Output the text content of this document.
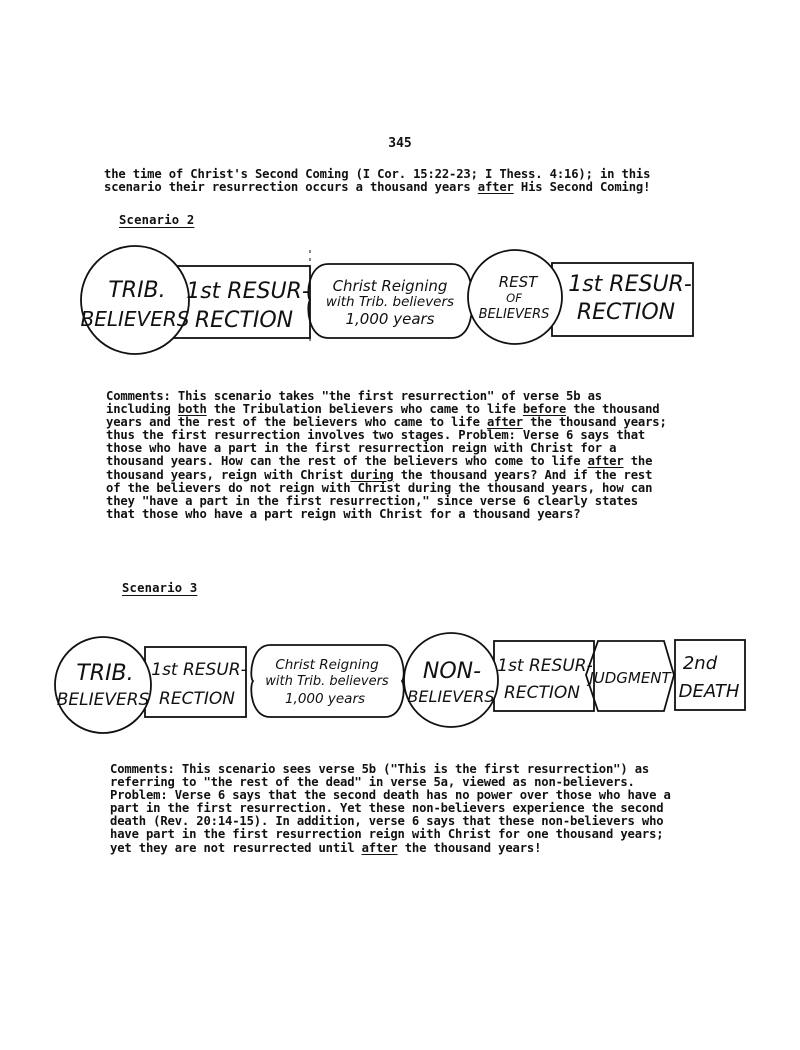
345
the time of Christ's Second Coming (I Cor. 15:22-23; I Thess. 4:16); in this
scenario their resurrection occurs a thousand years after His Second Coming!
Scenario 2
TRIB.
BELIEVERS
1st RESUR-
RECTION
Christ Reigning
with Trib. believers
1,000 years
REST
OF
BELIEVERS
1st RESUR-
RECTION
Comments: This scenario takes "the first resurrection" of verse 5b as
including both the Tribulation believers who came to life before the thousand
years and the rest of the believers who came to life after the thousand years;
thus the first resurrection involves two stages. Problem: Verse 6 says that
those who have a part in the first resurrection reign with Christ for a
thousand years. How can the rest of the believers who come to life after the
thousand years, reign with Christ during the thousand years? And if the rest
of the believers do not reign with Christ during the thousand years, how can
they "have a part in the first resurrection," since verse 6 clearly states
that those who have a part reign with Christ for a thousand years?
Scenario 3
TRIB.
BELIEVERS
1st RESUR-
RECTION
Christ Reigning
with Trib. believers
1,000 years
NON-
BELIEVERS
1st RESUR-
RECTION
JUDGMENT
2nd
DEATH
Comments: This scenario sees verse 5b ("This is the first resurrection") as
referring to "the rest of the dead" in verse 5a, viewed as non-believers.
Problem: Verse 6 says that the second death has no power over those who have a
part in the first resurrection. Yet these non-believers experience the second
death (Rev. 20:14-15). In addition, verse 6 says that these non-believers who
have part in the first resurrection reign with Christ for one thousand years;
yet they are not resurrected until after the thousand years!
